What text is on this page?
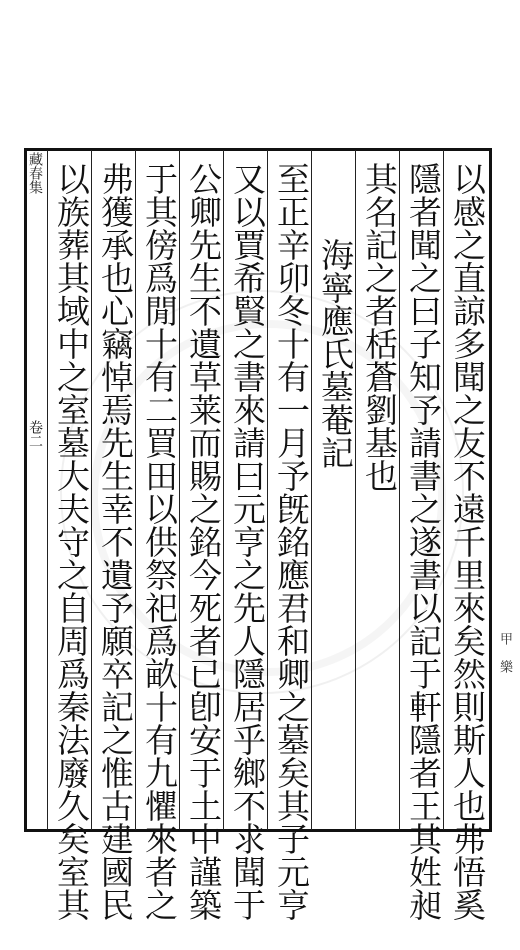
藏春集
甲 樂
以感之直諒多聞之友不遠千里來矣然則斯人也弗悟奚
隱者聞之曰子知予請書之遂書以記于軒隱者王其姓昶
其名記之者栝蒼劉基也
海寧應氏墓菴記
至正辛卯冬十有一月予旣銘應君和卿之墓矣其子元亨
又以賈希賢之書來請曰元亨之先人隱居乎鄉不求聞于
公卿先生不遺草莱而賜之銘今死者已卽安于土中謹築
于其傍爲閒十有二買田以供祭祀爲畝十有九懼來者之
弗獲承也心竊悼焉先生幸不遺予願卒記之惟古建國民
以族葬其域中之室墓大夫守之自周爲秦法廢久矣室其
卷二
